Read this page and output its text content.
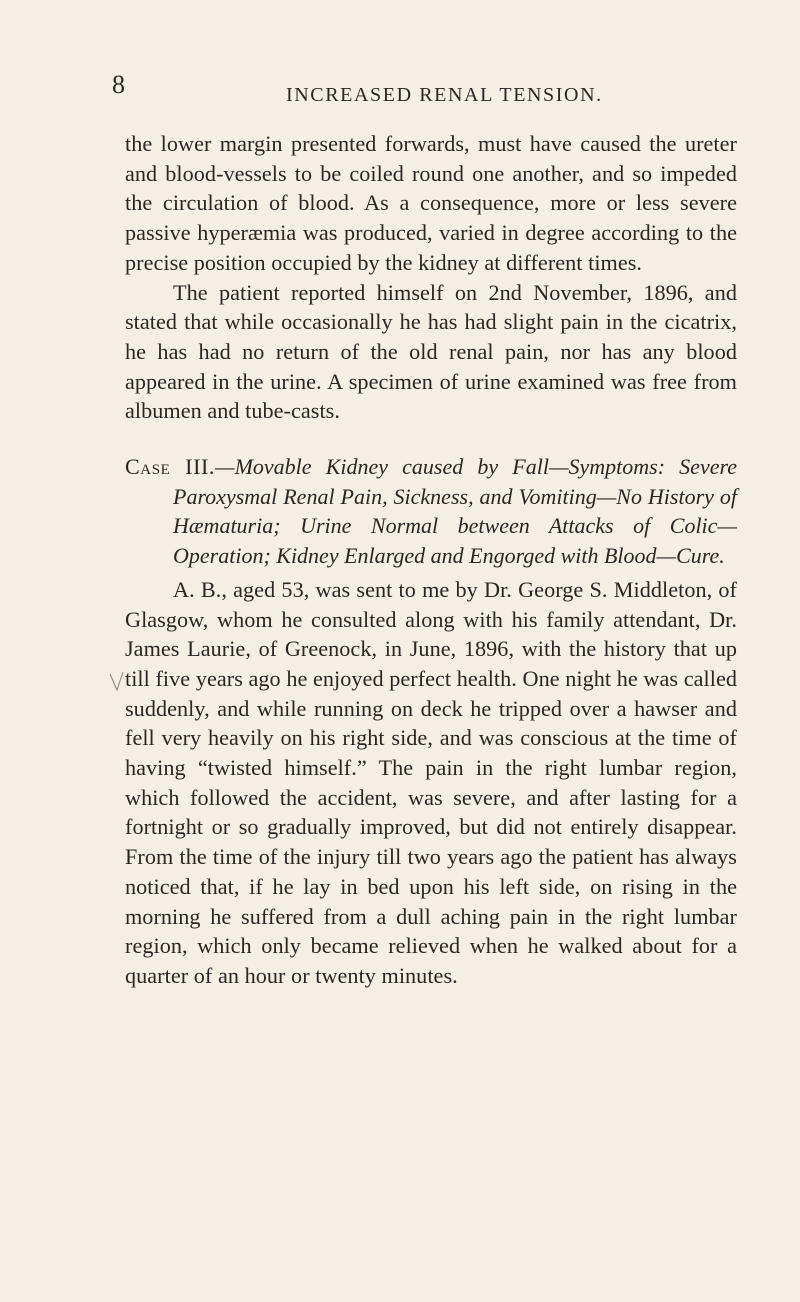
8	INCREASED RENAL TENSION.

the lower margin presented forwards, must have caused the ureter and blood-vessels to be coiled round one another, and so impeded the circulation of blood. As a consequence, more or less severe passive hyperæmia was produced, varied in degree according to the precise position occupied by the kidney at different times.

The patient reported himself on 2nd November, 1896, and stated that while occasionally he has had slight pain in the cicatrix, he has had no return of the old renal pain, nor has any blood appeared in the urine. A specimen of urine examined was free from albumen and tube-casts.

Case III.—Movable Kidney caused by Fall—Symptoms: Severe Paroxysmal Renal Pain, Sickness, and Vomiting—No History of Hæmaturia; Urine Normal between Attacks of Colic—Operation; Kidney Enlarged and Engorged with Blood—Cure.

A. B., aged 53, was sent to me by Dr. George S. Middleton, of Glasgow, whom he consulted along with his family attendant, Dr. James Laurie, of Greenock, in June, 1896, with the history that up till five years ago he enjoyed perfect health. One night he was called suddenly, and while running on deck he tripped over a hawser and fell very heavily on his right side, and was conscious at the time of having “twisted himself.” The pain in the right lumbar region, which followed the accident, was severe, and after lasting for a fortnight or so gradually improved, but did not entirely disappear. From the time of the injury till two years ago the patient has always noticed that, if he lay in bed upon his left side, on rising in the morning he suffered from a dull aching pain in the right lumbar region, which only became relieved when he walked about for a quarter of an hour or twenty minutes.
